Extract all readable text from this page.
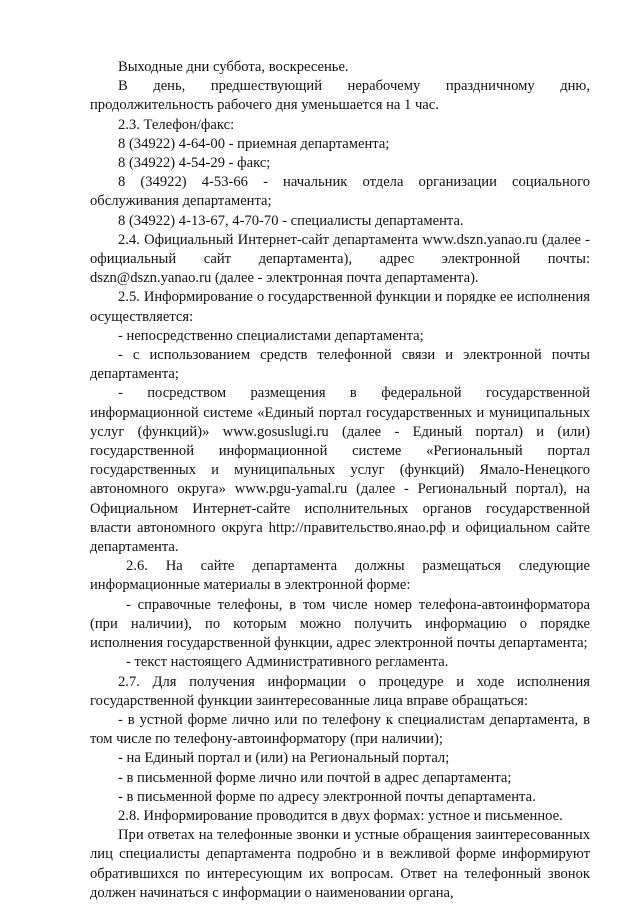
Выходные дни суббота, воскресенье.

В день, предшествующий нерабочему праздничному дню, продолжительность рабочего дня уменьшается на 1 час.

2.3. Телефон/факс:

8 (34922) 4-64-00 - приемная департамента;

8 (34922) 4-54-29 - факс;

8 (34922) 4-53-66 - начальник отдела организации социального обслуживания департамента;

8 (34922) 4-13-67, 4-70-70 - специалисты департамента.

2.4. Официальный Интернет-сайт департамента www.dszn.yanao.ru (далее - официальный сайт департамента), адрес электронной почты: dszn@dszn.yanao.ru (далее - электронная почта департамента).

2.5. Информирование о государственной функции и порядке ее исполнения осуществляется:

- непосредственно специалистами департамента;

- с использованием средств телефонной связи и электронной почты департамента;

- посредством размещения в федеральной государственной информационной системе «Единый портал государственных и муниципальных услуг (функций)» www.gosuslugi.ru (далее - Единый портал) и (или) государственной информационной системе «Региональный портал государственных и муниципальных услуг (функций) Ямало-Ненецкого автономного округа» www.pgu-yamal.ru (далее - Региональный портал), на Официальном Интернет-сайте исполнительных органов государственной власти автономного округа http://правительство.янао.рф и официальном сайте департамента.

2.6. На сайте департамента должны размещаться следующие информационные материалы в электронной форме:

- справочные телефоны, в том числе номер телефона-автоинформатора (при наличии), по которым можно получить информацию о порядке исполнения государственной функции, адрес электронной почты департамента;

- текст настоящего Административного регламента.

2.7. Для получения информации о процедуре и ходе исполнения государственной функции заинтересованные лица вправе обращаться:

- в устной форме лично или по телефону к специалистам департамента, в том числе по телефону-автоинформатору (при наличии);

- на Единый портал и (или) на Региональный портал;

- в письменной форме лично или почтой в адрес департамента;

- в письменной форме по адресу электронной почты департамента.

2.8. Информирование проводится в двух формах: устное и письменное.

При ответах на телефонные звонки и устные обращения заинтересованных лиц специалисты департамента подробно и в вежливой форме информируют обратившихся по интересующим их вопросам. Ответ на телефонный звонок должен начинаться с информации о наименовании органа,
